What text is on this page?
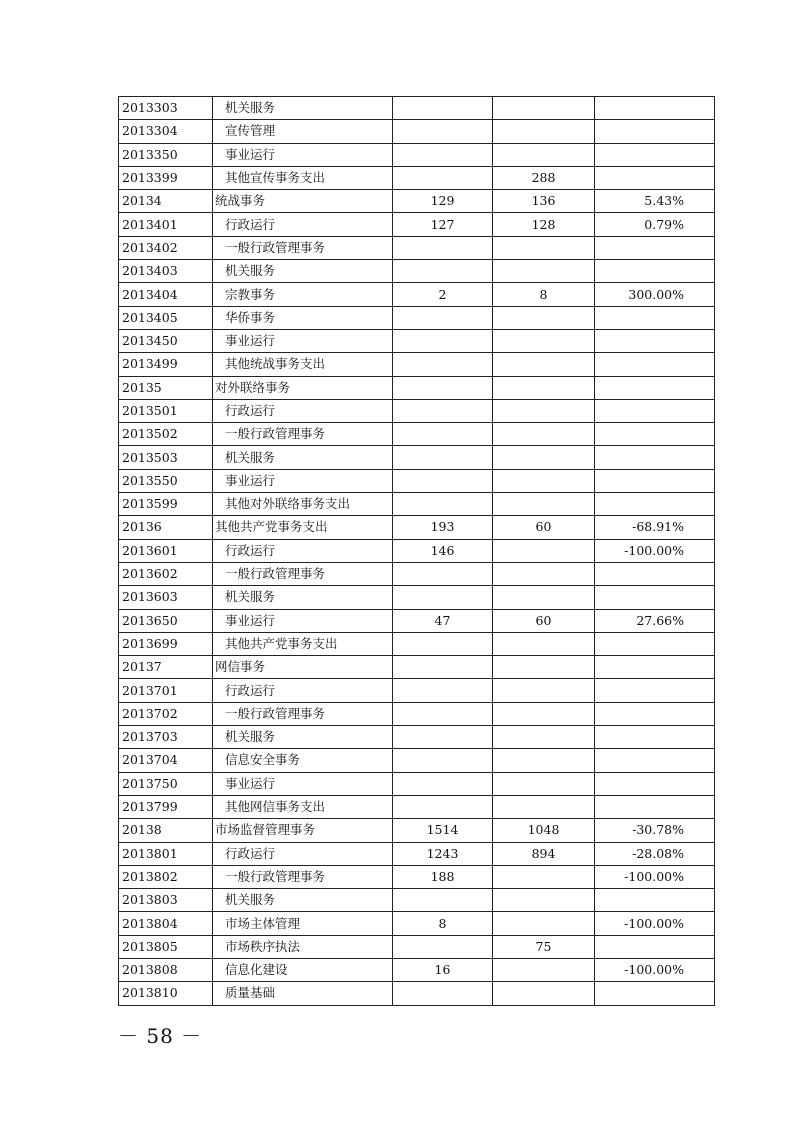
2013303	机关服务			
2013304	宣传管理			
2013350	事业运行			
2013399	其他宣传事务支出		288	
20134	统战事务	129	136	5.43%
2013401	行政运行	127	128	0.79%
2013402	一般行政管理事务			
2013403	机关服务			
2013404	宗教事务	2	8	300.00%
2013405	华侨事务			
2013450	事业运行			
2013499	其他统战事务支出			
20135	对外联络事务			
2013501	行政运行			
2013502	一般行政管理事务			
2013503	机关服务			
2013550	事业运行			
2013599	其他对外联络事务支出			
20136	其他共产党事务支出	193	60	-68.91%
2013601	行政运行	146		-100.00%
2013602	一般行政管理事务			
2013603	机关服务			
2013650	事业运行	47	60	27.66%
2013699	其他共产党事务支出			
20137	网信事务			
2013701	行政运行			
2013702	一般行政管理事务			
2013703	机关服务			
2013704	信息安全事务			
2013750	事业运行			
2013799	其他网信事务支出			
20138	市场监督管理事务	1514	1048	-30.78%
2013801	行政运行	1243	894	-28.08%
2013802	一般行政管理事务	188		-100.00%
2013803	机关服务			
2013804	市场主体管理	8		-100.00%
2013805	市场秩序执法		75	
2013808	信息化建设	16		-100.00%
2013810	质量基础			
－ 58 －
